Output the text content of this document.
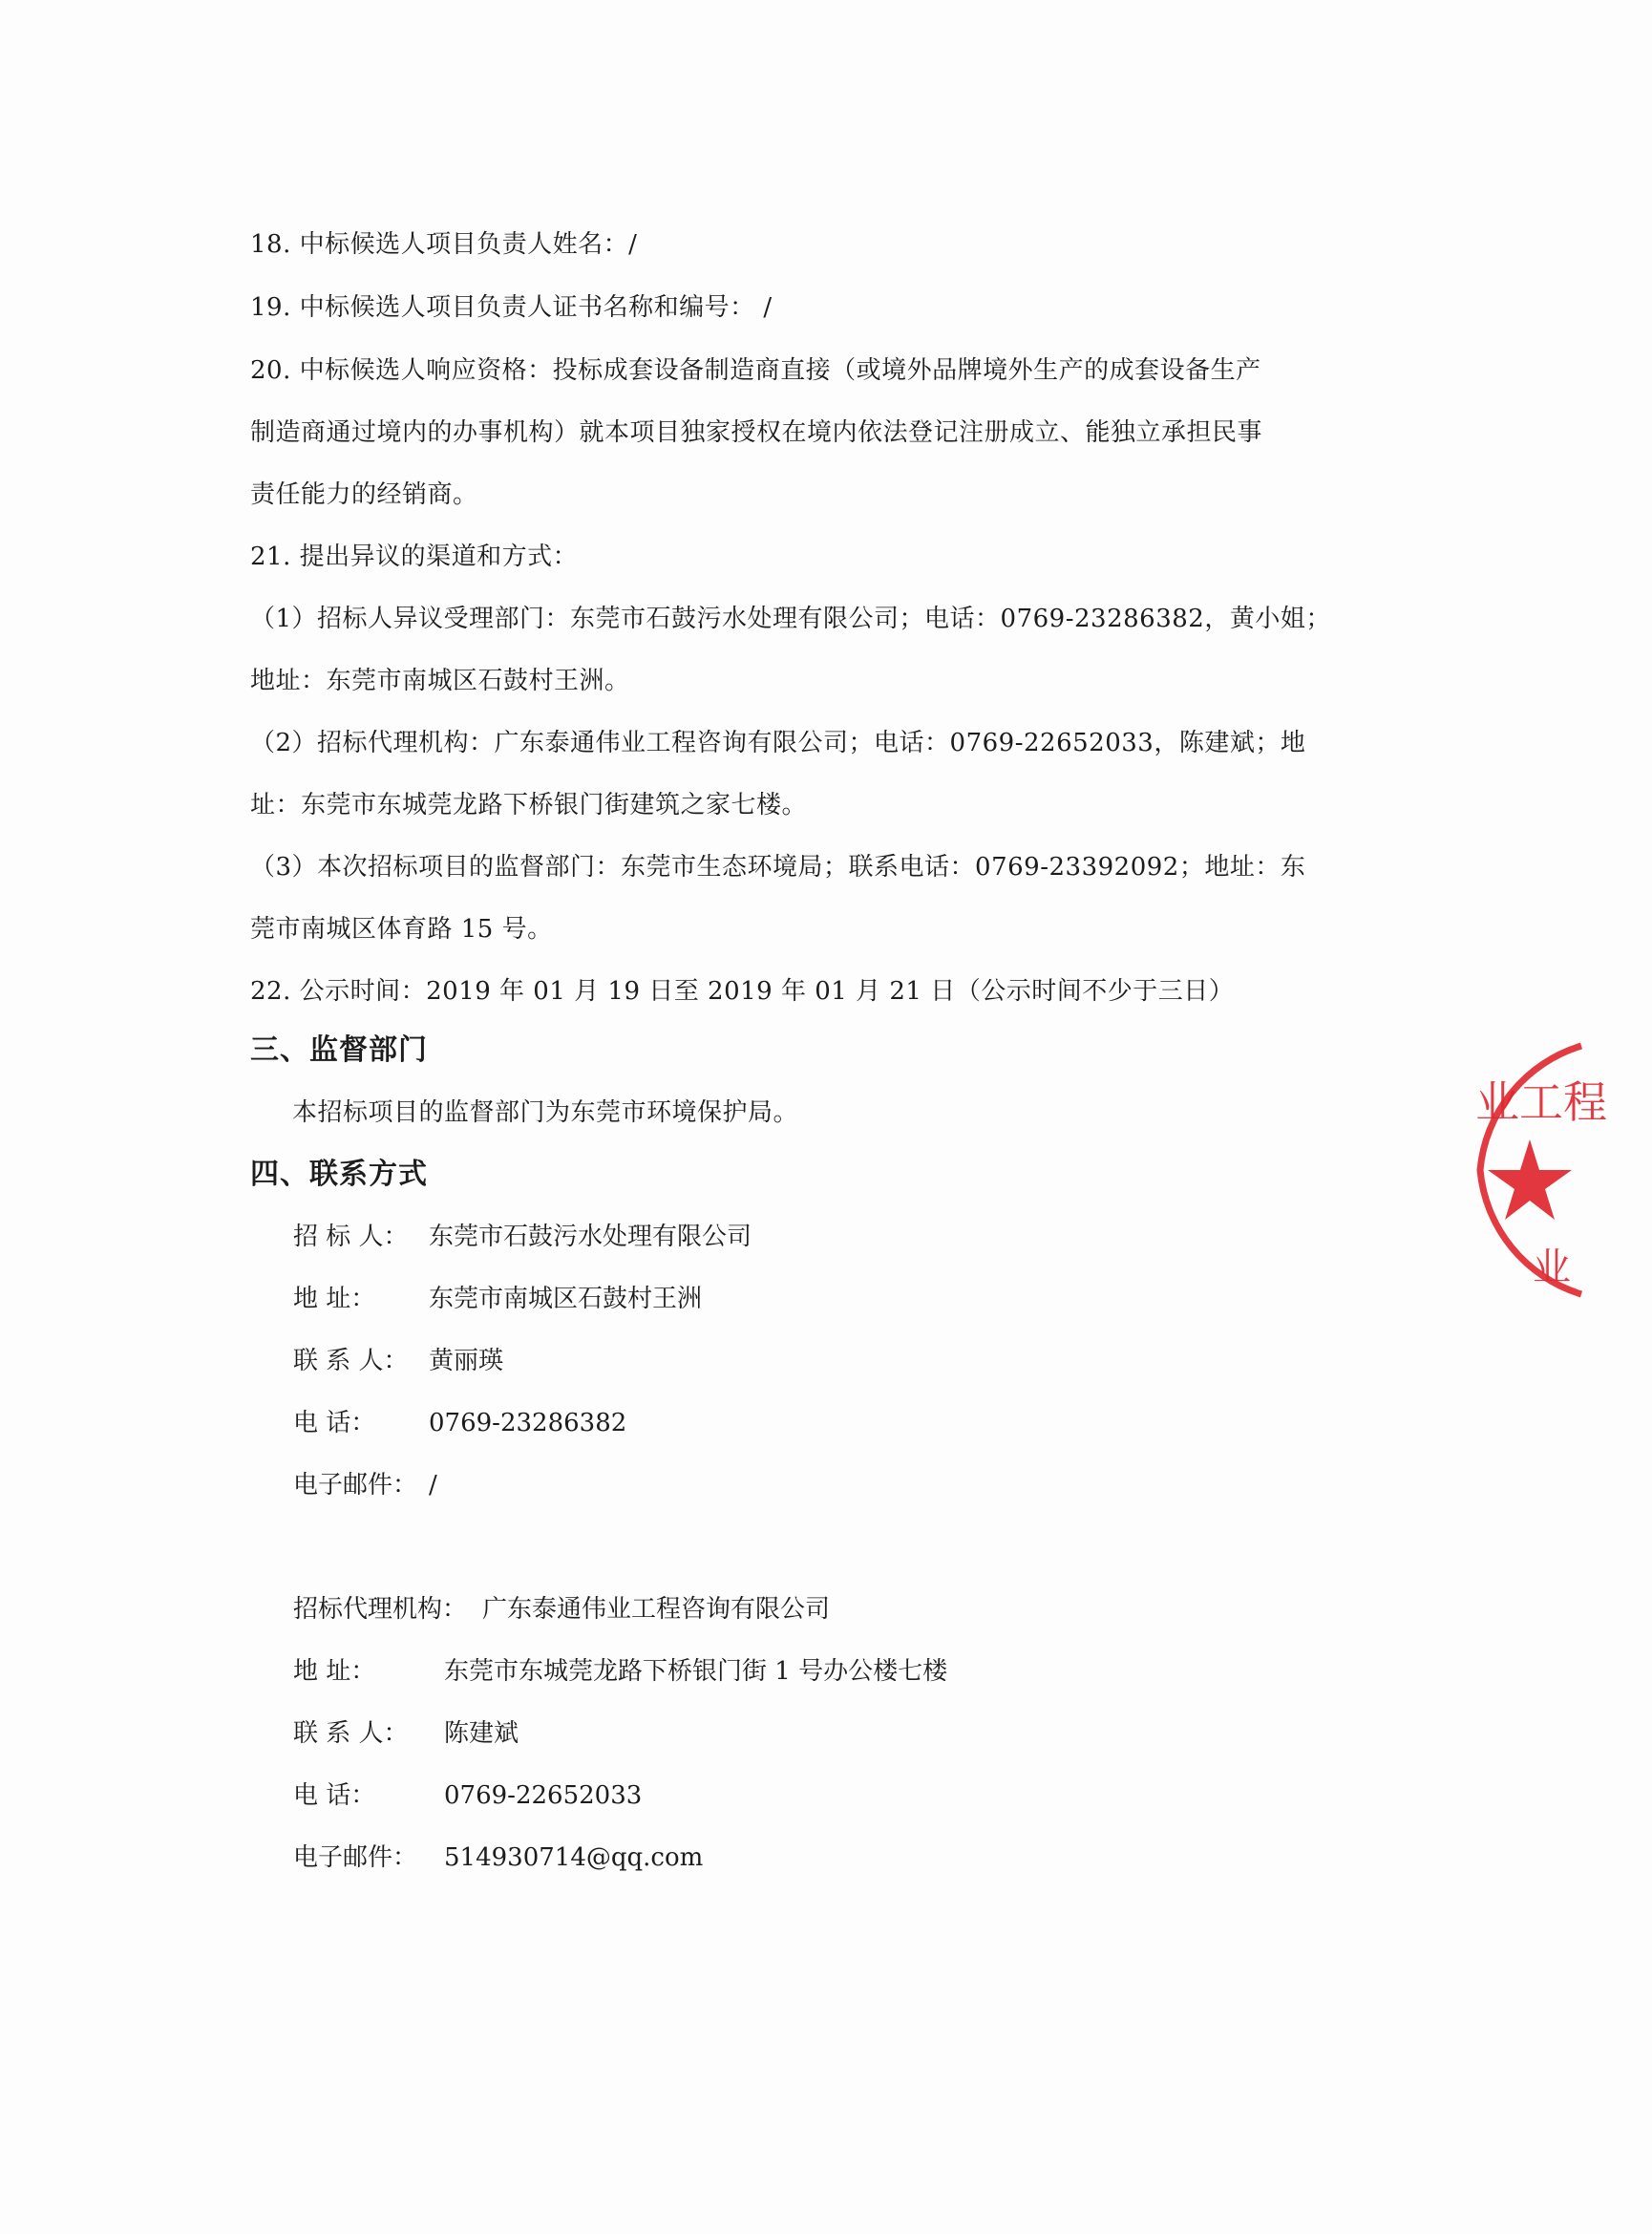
18. 中标候选人项目负责人姓名：/
19. 中标候选人项目负责人证书名称和编号： /
20. 中标候选人响应资格：投标成套设备制造商直接（或境外品牌境外生产的成套设备生产
制造商通过境内的办事机构）就本项目独家授权在境内依法登记注册成立、能独立承担民事
责任能力的经销商。
21. 提出异议的渠道和方式：
（1）招标人异议受理部门：东莞市石鼓污水处理有限公司；电话：0769-23286382，黄小姐；
地址：东莞市南城区石鼓村王洲。
（2）招标代理机构：广东泰通伟业工程咨询有限公司；电话：0769-22652033，陈建斌；地
址：东莞市东城莞龙路下桥银门街建筑之家七楼。
（3）本次招标项目的监督部门：东莞市生态环境局；联系电话：0769-23392092；地址：东
莞市南城区体育路 15 号。
22. 公示时间：2019 年 01 月 19 日至 2019 年 01 月 21 日（公示时间不少于三日）
三、监督部门
本招标项目的监督部门为东莞市环境保护局。
四、联系方式
招 标 人： 东莞市石鼓污水处理有限公司
地 址： 东莞市南城区石鼓村王洲
联 系 人： 黄丽瑛
电 话： 0769-23286382
电子邮件： /
招标代理机构： 广东泰通伟业工程咨询有限公司
地 址：	东莞市东城莞龙路下桥银门街 1 号办公楼七楼
联 系 人： 陈建斌
电 话：	0769-22652033
电子邮件： 514930714@qq.com
业工程
业
